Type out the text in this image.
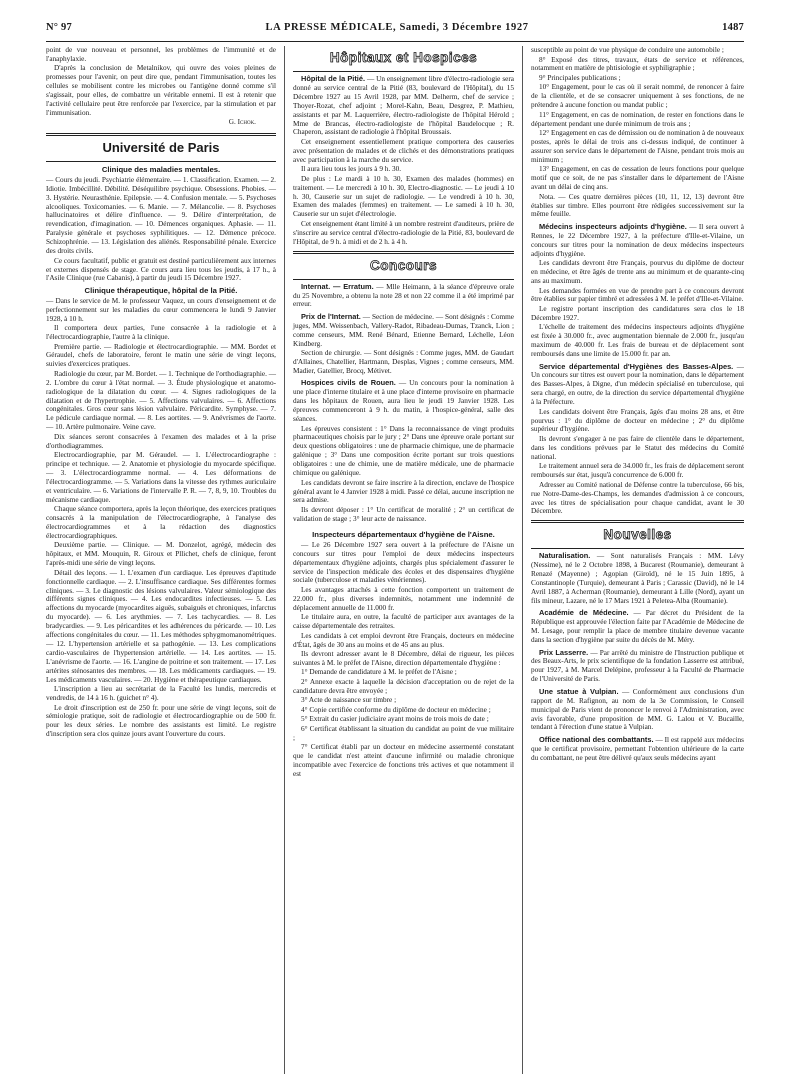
N° 97	LA PRESSE MÉDICALE, Samedi, 3 Décembre 1927	1487

point de vue nouveau et personnel, les problèmes de l'immunité et de l'anaphylaxie.

D'après la conclusion de Metalnikov, qui ouvre des voies pleines de promesses pour l'avenir, on peut dire que, pendant l'immunisation, toutes les cellules se mobilisent contre les microbes ou l'antigène donné comme s'il s'agissait, pour elles, de combattre un véritable ennemi. Il est à retenir que l'activité cellulaire peut être renforcée par l'exercice, par la stimulation et par l'immunisation.

G. Ichok.
Université de Paris

Clinique des maladies mentales.

— Cours du jeudi. Psychiatrie élémentaire. — 1. Classification. Examen. — 2. Idiotie. Imbécillité. Débilité. Déséquilibre psychique. Obsessions. Phobies. — 3. Hystérie. Neurasthénie. Epilepsie. — 4. Confusion mentale. — 5. Psychoses alcooliques. Toxicomanies. — 6. Manie. — 7. Mélancolie. — 8. Psychoses hallucinatoires et délire d'influence. — 9. Délire d'interprétation, de revendication, d'imagination. — 10. Démences organiques. Aphasie. — 11. Paralysie générale et psychoses syphilitiques. — 12. Démence précoce. Schizophrénie. — 13. Législation des aliénés. Responsabilité pénale. Exercice des droits civils.

Ce cours facultatif, public et gratuit est destiné particulièrement aux internes et externes dispensés de stage. Ce cours aura lieu tous les jeudis, à 17 h., à l'Asile Clinique (rue Cabanis), à partir du jeudi 15 Décembre 1927.

Clinique thérapeutique, hôpital de la Pitié.

— Dans le service de M. le professeur Vaquez, un cours d'enseignement et de perfectionnement sur les maladies du cœur commencera le lundi 9 Janvier 1928, à 10 h.

Il comportera deux parties, l'une consacrée à la radiologie et à l'électrocardiographie, l'autre à la clinique.

Première partie. — Radiologie et électrocardiographie. — MM. Bordet et Géraudel, chefs de laboratoire, feront le matin une série de vingt leçons, suivies d'exercices pratiques.

Radiologie du cœur, par M. Bordet. — 1. Technique de l'orthodiagraphie. — 2. L'ombre du cœur à l'état normal. — 3. Étude physiologique et anatomo-radiologique de la dilatation du cœur. — 4. Signes radiologiques de la dilatation et de l'hypertrophie. — 5. Affections valvulaires. — 6. Affections congénitales. Gros cœur sans lésion valvulaire. Péricardite. Symphyse. — 7. Le pédicule cardiaque normal. — 8. Les aortites. — 9. Anévrismes de l'aorte. — 10. Artère pulmonaire. Veine cave.

Dix séances seront consacrées à l'examen des malades et à la prise d'orthodiagrammes.

Electrocardiographie, par M. Géraudel. — 1. L'électrocardiographe : principe et technique. — 2. Anatomie et physiologie du myocarde spécifique. — 3. L'électrocardiogramme normal. — 4. Les déformations de l'électrocardiogramme. — 5. Variations dans la vitesse des rythmes auriculaire et ventriculaire. — 6. Variations de l'intervalle P. R. — 7, 8, 9, 10. Troubles du mécanisme cardiaque.

Chaque séance comportera, après la leçon théorique, des exercices pratiques consacrés à la manipulation de l'électrocardiographe, à l'analyse des électrocardiogrammes et à la rédaction des diagnostics électrocardiographiques.

Deuxième partie. — Clinique. — M. Donzelot, agrégé, médecin des hôpitaux, et MM. Mouquin, R. Giroux et Pllichet, chefs de clinique, feront l'après-midi une série de vingt leçons.

Détail des leçons. — 1. L'examen d'un cardiaque. Les épreuves d'aptitude fonctionnelle cardiaque. — 2. L'insuffisance cardiaque. Ses différentes formes cliniques. — 3. Le diagnostic des lésions valvulaires. Valeur sémiologique des différents signes cliniques. — 4. Les endocardites infectieuses. — 5. Les affections du myocarde (myocardites aiguës, subaiguës et chroniques, infarctus du myocarde). — 6. Les arythmies. — 7. Les tachycardies. — 8. Les bradycardies. — 9. Les péricardites et les adhérences du péricarde. — 10. Les affections congénitales du cœur. — 11. Les méthodes sphygmomanométriques. — 12. L'hypertension artérielle et sa pathogénie. — 13. Les complications cardio-vasculaires de l'hypertension artérielle. — 14. Les aortites. — 15. L'anévrisme de l'aorte. — 16. L'angine de poitrine et son traitement. — 17. Les artérites sténosantes des membres. — 18. Les médicaments cardiaques. — 19. Les médicaments vasculaires. — 20. Hygiène et thérapeutique cardiaques.

L'inscription a lieu au secrétariat de la Faculté les lundis, mercredis et vendredis, de 14 à 16 h. (guichet n° 4).

Le droit d'inscription est de 250 fr. pour une série de vingt leçons, soit de sémiologie pratique, soit de radiologie et électrocardiographie ou de 500 fr. pour les deux séries. Le nombre des assistants est limité. Le registre d'inscription sera clos quinze jours avant l'ouverture du cours.

Hôpitaux et Hospices

Hôpital de la Pitié. — Un enseignement libre d'électro-radiologie sera donné au service central de la Pitié (83, boulevard de l'Hôpital), du 15 Décembre 1927 au 15 Avril 1928, par MM. Delherm, chef de service ; Thoyer-Rozat, chef adjoint ; Morel-Kahn, Beau, Desgrez, P. Mathieu, assistants et par M. Laquerrière, électro-radiologiste de l'hôpital Hérold ; Mme de Brancas, électro-radiologiste de l'hôpital Baudelocque ; R. Chaperon, assistant de radiologie à l'hôpital Broussais.

Cet enseignement essentiellement pratique comportera des causeries avec présentation de malades et de clichés et des démonstrations pratiques avec participation à la marche du service.

Il aura lieu tous les jours à 9 h. 30.

De plus : Le mardi à 10 h. 30, Examen des malades (hommes) en traitement. — Le mercredi à 10 h. 30, Electro-diagnostic. — Le jeudi à 10 h. 30, Causerie sur un sujet de radiologie. — Le vendredi à 10 h. 30, Examen des malades (femmes) en traitement. — Le samedi à 10 h. 30, Causerie sur un sujet d'électrologie.

Cet enseignement étant limité à un nombre restreint d'auditeurs, prière de s'inscrire au service central d'électro-radiologie de la Pitié, 83, boulevard de l'Hôpital, de 9 h. à midi et de 2 h. à 4 h.

Concours

Internat. — Erratum. — Mlle Heimann, à la séance d'épreuve orale du 25 Novembre, a obtenu la note 28 et non 22 comme il a été imprimé par erreur.

Prix de l'Internat. — Section de médecine. — Sont désignés : Comme juges, MM. Weissenbach, Vallery-Radot, Ribadeau-Dumas, Tzanck, Lion ; comme censeurs, MM. René Bénard, Etienne Bernard, Léchelle, Léon Kindberg.

Section de chirurgie. — Sont désignés : Comme juges, MM. de Gaudart d'Allaines, Chatellier, Hartmann, Desplas, Vignes ; comme censeurs, MM. Madier, Gatellier, Brocq, Métivet.

Hospices civils de Rouen. — Un concours pour la nomination à une place d'interne titulaire et à une place d'interne provisoire en pharmacie dans les hôpitaux de Rouen, aura lieu le jeudi 19 Janvier 1928. Les épreuves commenceront à 9 h. du matin, à l'hospice-général, salle des séances.

Les épreuves consistent : 1° Dans la reconnaissance de vingt produits pharmaceutiques choisis par le jury ; 2° Dans une épreuve orale portant sur deux questions obligatoires : une de pharmacie chimique, une de pharmacie galénique ; 3° Dans une composition écrite portant sur trois questions obligatoires : une de chimie, une de matière médicale, une de pharmacie chimique ou galénique.

Les candidats devront se faire inscrire à la direction, enclave de l'hospice général avant le 4 Janvier 1928 à midi. Passé ce délai, aucune inscription ne sera admise.

Ils devront déposer : 1° Un certificat de moralité ; 2° un certificat de validation de stage ; 3° leur acte de naissance.

Inspecteurs départementaux d'hygiène de l'Aisne.

— Le 26 Décembre 1927 sera ouvert à la préfecture de l'Aisne un concours sur titres pour l'emploi de deux médecins inspecteurs départementaux d'hygiène adjoints, chargés plus spécialement d'assurer le service de l'inspection médicale des écoles et des dispensaires d'hygiène sociale (tuberculose et maladies vénériennes).

Les avantages attachés à cette fonction comportent un traitement de 22.000 fr., plus diverses indemnités, notamment une indemnité de déplacement annuelle de 11.000 fr.

Le titulaire aura, en outre, la faculté de participer aux avantages de la caisse départementale des retraites.

Les candidats à cet emploi devront être Français, docteurs en médecine d'État, âgés de 30 ans au moins et de 45 ans au plus.

Ils devront adresser avant le 8 Décembre, délai de rigueur, les pièces suivantes à M. le préfet de l'Aisne, direction départementale d'hygiène :

1° Demande de candidature à M. le préfet de l'Aisne ;

2° Annexe exacte à laquelle la décision d'acceptation ou de rejet de la candidature devra être envoyée ;

3° Acte de naissance sur timbre ;

4° Copie certifiée conforme du diplôme de docteur en médecine ;

5° Extrait du casier judiciaire ayant moins de trois mois de date ;

6° Certificat établissant la situation du candidat au point de vue militaire ;

7° Certificat établi par un docteur en médecine assermenté constatant que le candidat n'est atteint d'aucune infirmité ou maladie chronique incompatible avec l'exercice de fonctions très actives et que notamment il est

susceptible au point de vue physique de conduire une automobile ;

8° Exposé des titres, travaux, états de service et références, notamment en matière de phtisiologie et syphiligraphie ;

9° Principales publications ;

10° Engagement, pour le cas où il serait nommé, de renoncer à faire de la clientèle, et de se consacrer uniquement à ses fonctions, de ne prétendre à aucune fonction ou mandat public ;

11° Engagement, en cas de nomination, de rester en fonctions dans le département pendant une durée minimum de trois ans ;

12° Engagement en cas de démission ou de nomination à de nouveaux postes, après le délai de trois ans ci-dessus indiqué, de continuer à assurer son service dans le département de l'Aisne, pendant trois mois au minimum ;

13° Engagement, en cas de cessation de leurs fonctions pour quelque motif que ce soit, de ne pas s'installer dans le département de l'Aisne avant un délai de cinq ans.

Nota. — Ces quatre dernières pièces (10, 11, 12, 13) devront être établies sur timbre. Elles pourront être rédigées successivement sur la même feuille.

Médecins inspecteurs adjoints d'hygiène. — Il sera ouvert à Rennes, le 22 Décembre 1927, à la préfecture d'Ille-et-Vilaine, un concours sur titres pour la nomination de deux médecins inspecteurs adjoints d'hygiène.

Les candidats devront être Français, pourvus du diplôme de docteur en médecine, et être âgés de trente ans au minimum et de quarante-cinq ans au maximum.

Les demandes formées en vue de prendre part à ce concours devront être établies sur papier timbré et adressées à M. le préfet d'Ille-et-Vilaine.

Le registre portant inscription des candidatures sera clos le 18 Décembre 1927.

L'échelle de traitement des médecins inspecteurs adjoints d'hygiène est fixée à 30.000 fr., avec augmentation biennale de 2.000 fr., jusqu'au maximum de 40.000 fr. Les frais de bureau et de déplacement sont remboursés dans une limite de 15.000 fr. par an.

Service départemental d'Hygiènes des Basses-Alpes. — Un concours sur titres est ouvert pour la nomination, dans le département des Basses-Alpes, à Digne, d'un médecin spécialisé en tuberculose, qui sera chargé, en outre, de la direction du service départemental d'hygiène à la Préfecture.

Les candidats doivent être Français, âgés d'au moins 28 ans, et être pourvus : 1° du diplôme de docteur en médecine ; 2° du diplôme supérieur d'hygiène.

Ils devront s'engager à ne pas faire de clientèle dans le département, dans les conditions prévues par le Statut des médecins du Comité national.

Le traitement annuel sera de 34.000 fr., les frais de déplacement seront remboursés sur état, jusqu'à concurrence de 6.000 fr.

Adresser au Comité national de Défense contre la tuberculose, 66 bis, rue Notre-Dame-des-Champs, les demandes d'admission à ce concours, avec les titres de spécialisation pour chaque candidat, avant le 30 Décembre.

Nouvelles

Naturalisation. — Sont naturalisés Français : MM. Lévy (Nessime), né le 2 Octobre 1898, à Bucarest (Roumanie), demeurant à Renazé (Mayenne) ; Agopian (Giroïd), né le 15 Juin 1895, à Constantinople (Turquie), demeurant à Paris ; Carassic (David), né le 14 Avril 1887, à Acherman (Roumanie), demeurant à Lille (Nord), ayant un fils mineur, Lazare, né le 17 Mars 1921 à Peletea-Alba (Roumanie).

Académie de Médecine. — Par décret du Président de la République est approuvée l'élection faite par l'Académie de Médecine de M. Lesage, pour remplir la place de membre titulaire devenue vacante dans la section d'hygiène par suite du décès de M. Méry.

Prix Lasserre. — Par arrêté du ministre de l'Instruction publique et des Beaux-Arts, le prix scientifique de la fondation Lasserre est attribué, pour 1927, à M. Marcel Delépine, professeur à la Faculté de Pharmacie de l'Université de Paris.

Une statue à Vulpian. — Conformément aux conclusions d'un rapport de M. Rafignon, au nom de la 3e Commission, le Conseil municipal de Paris vient de prononcer le renvoi à l'Administration, avec avis favorable, d'une proposition de MM. G. Lalou et V. Bucaille, tendant à l'érection d'une statue à Vulpian.

Office national des combattants. — Il est rappelé aux médecins que le certificat provisoire, permettant l'obtention ultérieure de la carte du combattant, ne peut être délivré qu'aux seuls médecins ayant
